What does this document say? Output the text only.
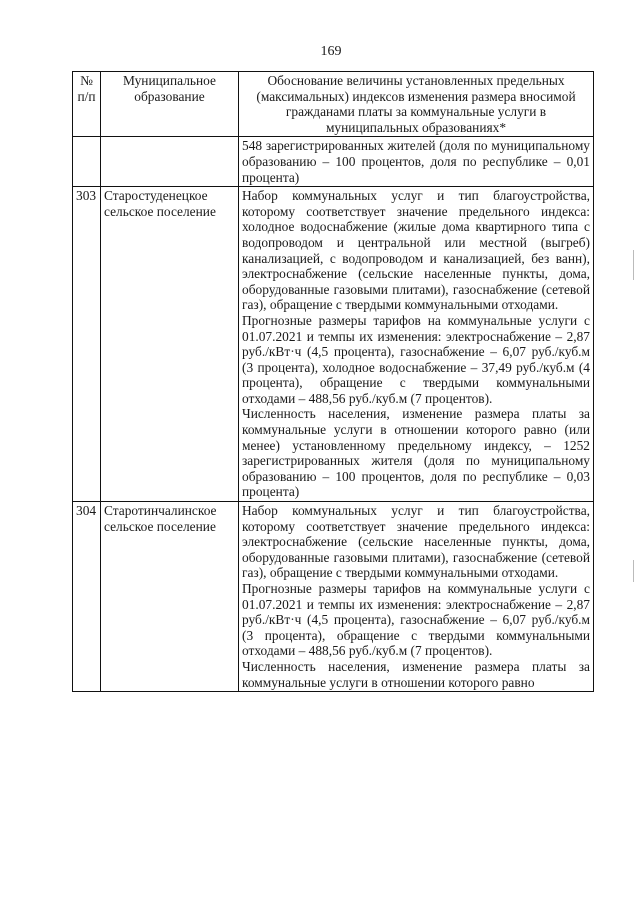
169
№ п/п	Муниципальное образование	Обоснование величины установленных предельных (максимальных) индексов изменения размера вносимой гражданами платы за коммунальные услуги в муниципальных образованиях*

		548 зарегистрированных жителей (доля по муниципальному образованию – 100 процентов, доля по республике – 0,01 процента)

303	Старостуденецкое сельское поселение	Набор коммунальных услуг и тип благоустройства, которому соответствует значение предельного индекса: холодное водоснабжение (жилые дома квартирного типа с водопроводом и центральной или местной (выгреб) канализацией, с водопроводом и канализацией, без ванн), электроснабжение (сельские населенные пункты, дома, оборудованные газовыми плитами), газоснабжение (сетевой газ), обращение с твердыми коммунальными отходами.

Прогнозные размеры тарифов на коммунальные услуги с 01.07.2021 и темпы их изменения: электроснабжение – 2,87 руб./кВт·ч (4,5 процента), газоснабжение – 6,07 руб./куб.м (3 процента), холодное водоснабжение – 37,49 руб./куб.м (4 процента), обращение с твердыми коммунальными отходами – 488,56 руб./куб.м (7 процентов).

Численность населения, изменение размера платы за коммунальные услуги в отношении которого равно (или менее) установленному предельному индексу, – 1252 зарегистрированных жителя (доля по муниципальному образованию – 100 процентов, доля по республике – 0,03 процента)

304	Старотинчалинское сельское поселение	Набор коммунальных услуг и тип благоустройства, которому соответствует значение предельного индекса: электроснабжение (сельские населенные пункты, дома, оборудованные газовыми плитами), газоснабжение (сетевой газ), обращение с твердыми коммунальными отходами.

Прогнозные размеры тарифов на коммунальные услуги с 01.07.2021 и темпы их изменения: электроснабжение – 2,87 руб./кВт·ч (4,5 процента), газоснабжение – 6,07 руб./куб.м (3 процента), обращение с твердыми коммунальными отходами – 488,56 руб./куб.м (7 процентов).

Численность населения, изменение размера платы за коммунальные услуги в отношении которого равно
